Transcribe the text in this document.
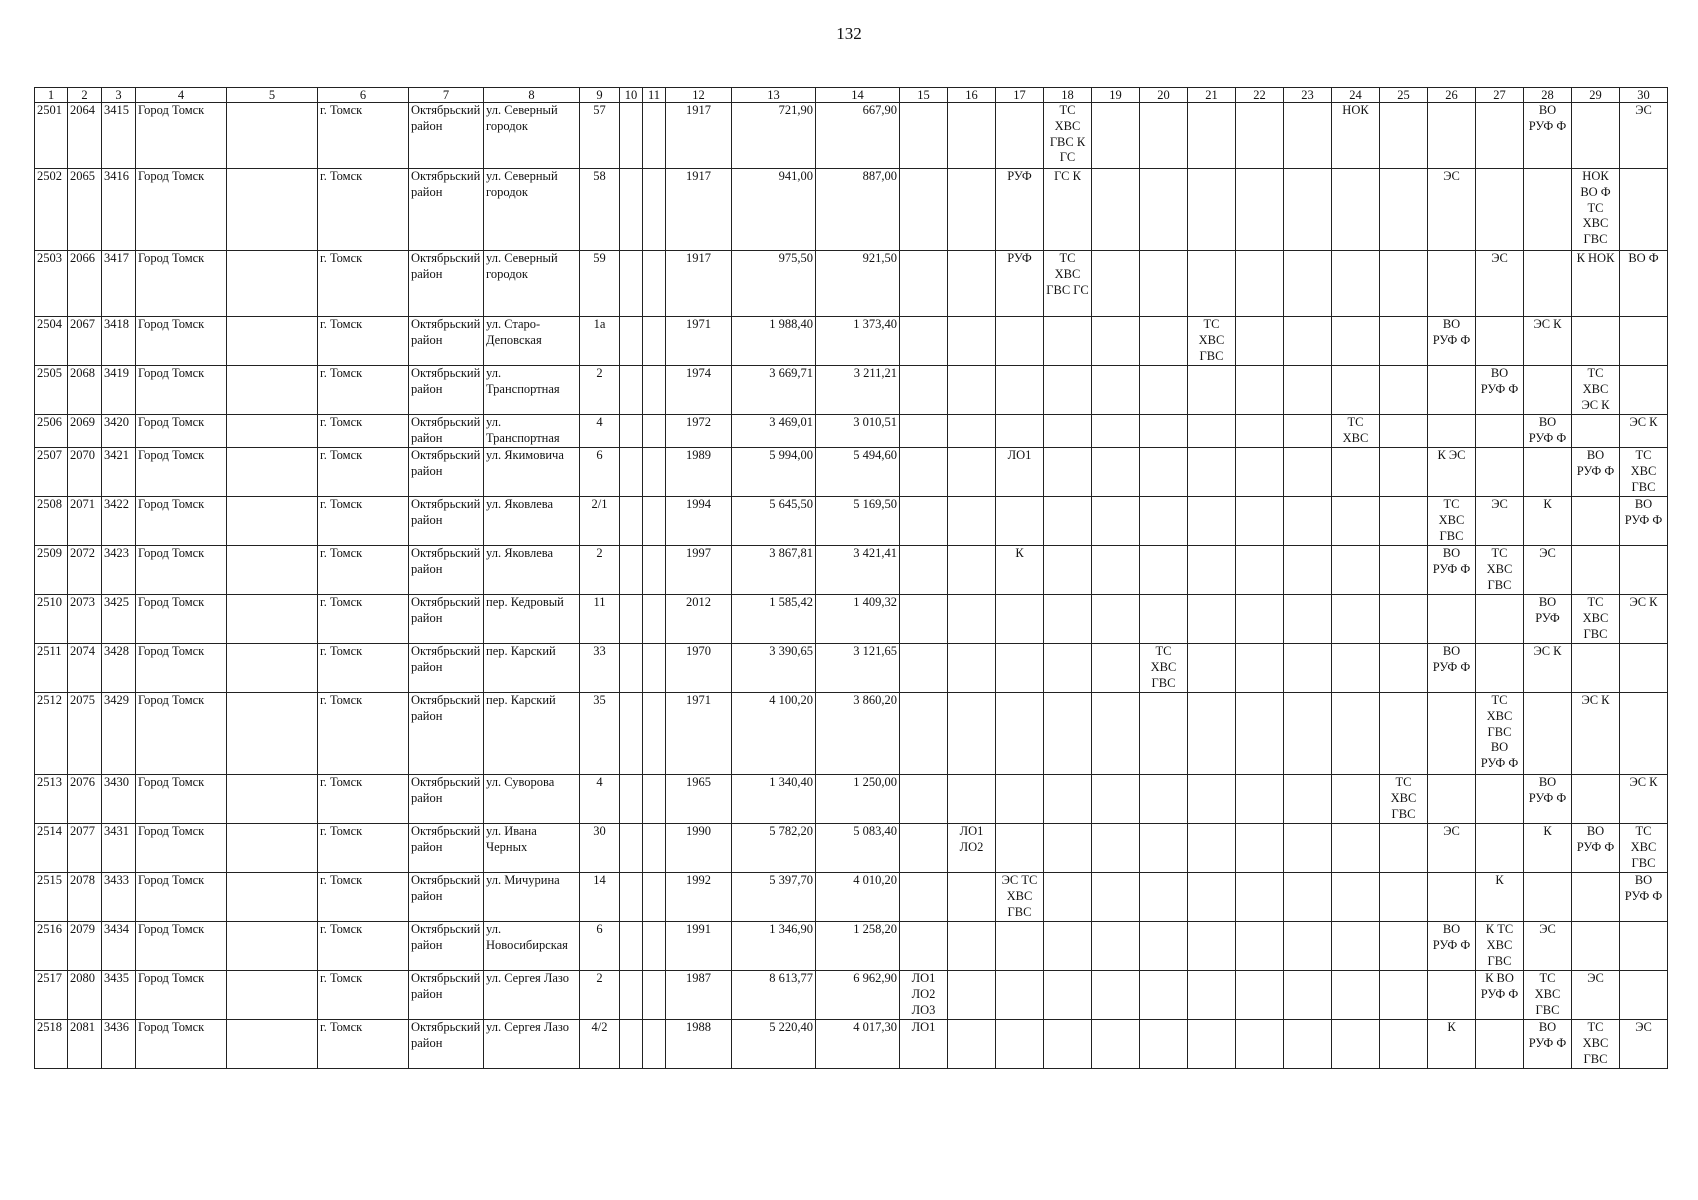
132
1	2	3	4	5	6	7	8	9	10	11	12	13	14	15	16	17	18	19	20	21	22	23	24	25	26	27	28	29	30
2501	2064	3415	Город Томск		г. Томск	Октябрьский район	ул. Северный городок	57			1917	721,90	667,90				ТС ХВС ГВС К ГС						НОК				ВО РУФ Ф		ЭС
2502	2065	3416	Город Томск		г. Томск	Октябрьский район	ул. Северный городок	58			1917	941,00	887,00			РУФ	ГС К								ЭС			НОК ВО Ф ТС ХВС ГВС	
2503	2066	3417	Город Томск		г. Томск	Октябрьский район	ул. Северный городок	59			1917	975,50	921,50			РУФ	ТС ХВС ГВС ГС									ЭС		К НОК	ВО Ф
2504	2067	3418	Город Томск		г. Томск	Октябрьский район	ул. Старо-Деповская	1а			1971	1 988,40	1 373,40							ТС ХВС ГВС					ВО РУФ Ф		ЭС К		
2505	2068	3419	Город Томск		г. Томск	Октябрьский район	ул. Транспортная	2			1974	3 669,71	3 211,21													ВО РУФ Ф		ТС ХВС ЭС К	
2506	2069	3420	Город Томск		г. Томск	Октябрьский район	ул. Транспортная	4			1972	3 469,01	3 010,51										ТС ХВС				ВО РУФ Ф		ЭС К
2507	2070	3421	Город Томск		г. Томск	Октябрьский район	ул. Якимовича	6			1989	5 994,00	5 494,60			ЛО1									К ЭС			ВО РУФ Ф	ТС ХВС ГВС
2508	2071	3422	Город Томск		г. Томск	Октябрьский район	ул. Яковлева	2/1			1994	5 645,50	5 169,50												ТС ХВС ГВС	ЭС	К		ВО РУФ Ф
2509	2072	3423	Город Томск		г. Томск	Октябрьский район	ул. Яковлева	2			1997	3 867,81	3 421,41			К									ВО РУФ Ф	ТС ХВС ГВС	ЭС		
2510	2073	3425	Город Томск		г. Томск	Октябрьский район	пер. Кедровый	11			2012	1 585,42	1 409,32														ВО РУФ	ТС ХВС ГВС	ЭС К
2511	2074	3428	Город Томск		г. Томск	Октябрьский район	пер. Карский	33			1970	3 390,65	3 121,65						ТС ХВС ГВС						ВО РУФ Ф		ЭС К		
2512	2075	3429	Город Томск		г. Томск	Октябрьский район	пер. Карский	35			1971	4 100,20	3 860,20													ТС ХВС ГВС ВО РУФ Ф		ЭС К	
2513	2076	3430	Город Томск		г. Томск	Октябрьский район	ул. Суворова	4			1965	1 340,40	1 250,00											ТС ХВС ГВС			ВО РУФ Ф		ЭС К
2514	2077	3431	Город Томск		г. Томск	Октябрьский район	ул. Ивана Черных	30			1990	5 782,20	5 083,40		ЛО1 ЛО2										ЭС		К	ВО РУФ Ф	ТС ХВС ГВС
2515	2078	3433	Город Томск		г. Томск	Октябрьский район	ул. Мичурина	14			1992	5 397,70	4 010,20			ЭС ТС ХВС ГВС										К			ВО РУФ Ф
2516	2079	3434	Город Томск		г. Томск	Октябрьский район	ул. Новосибирская	6			1991	1 346,90	1 258,20												ВО РУФ Ф	К ТС ХВС ГВС	ЭС		
2517	2080	3435	Город Томск		г. Томск	Октябрьский район	ул. Сергея Лазо	2			1987	8 613,77	6 962,90	ЛО1 ЛО2 ЛО3												К ВО РУФ Ф	ТС ХВС ГВС	ЭС	
2518	2081	3436	Город Томск		г. Томск	Октябрьский район	ул. Сергея Лазо	4/2			1988	5 220,40	4 017,30	ЛО1											К		ВО РУФ Ф	ТС ХВС ГВС	ЭС
